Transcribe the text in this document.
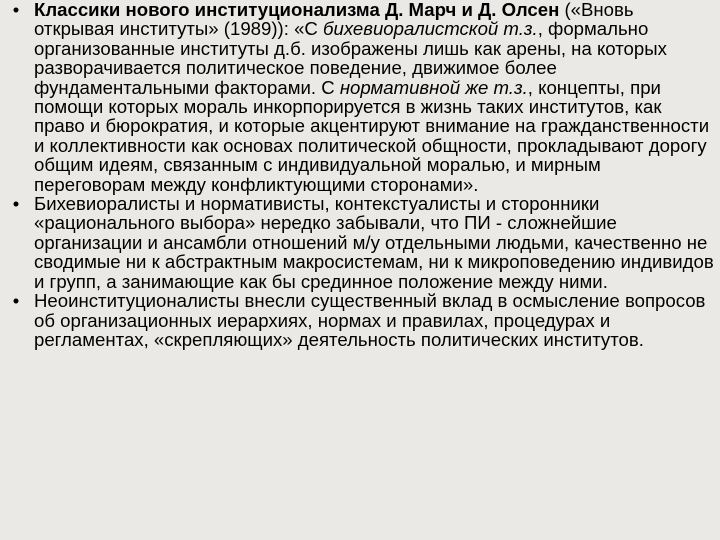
• Классики нового институционализма Д. Марч и Д. Олсен («Вновь открывая институты» (1989)): «С бихевиоралистской т.з., формально организованные институты д.б. изображены лишь как арены, на которых разворачивается политическое поведение, движимое более фундаментальными факторами. С нормативной же т.з., концепты, при помощи которых мораль инкорпорируется в жизнь таких институтов, как право и бюрократия, и которые акцентируют внимание на гражданственности и коллективности как основах политической общности, прокладывают дорогу общим идеям, связанным с индивидуальной моралью, и мирным переговорам между конфликтующими сторонами».
• Бихевиоралисты и нормативисты, контекстуалисты и сторонники «рационального выбора» нередко забывали, что ПИ - сложнейшие организации и ансамбли отношений м/у отдельными людьми, качественно не сводимые ни к абстрактным макросистемам, ни к микроповедению индивидов и групп, а занимающие как бы срединное положение между ними.
• Неоинституционалисты внесли существенный вклад в осмысление вопросов об организационных иерархиях, нормах и правилах, процедурах и регламентах, «скрепляющих» деятельность политических институтов.
